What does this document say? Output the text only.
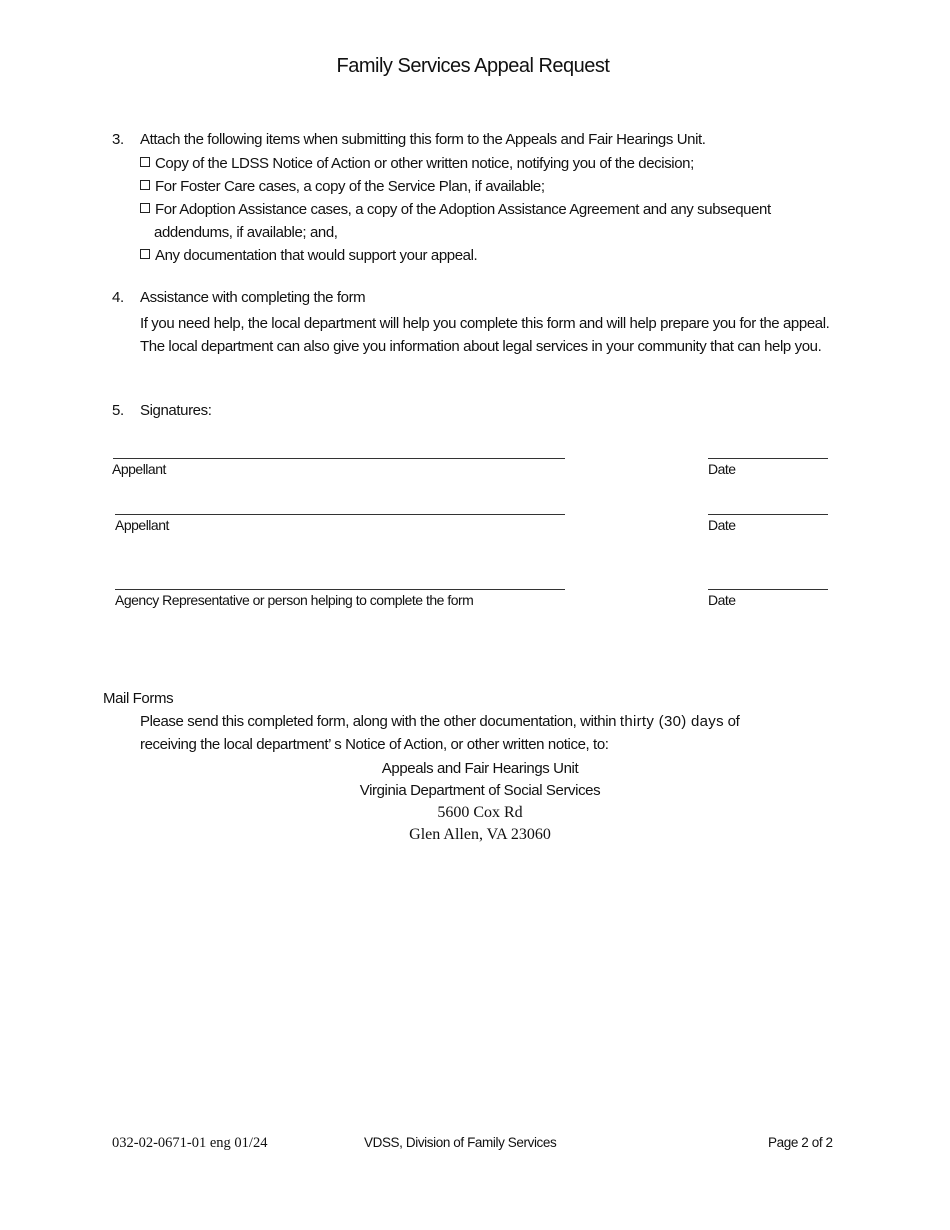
Family Services Appeal Request
3. Attach the following items when submitting this form to the Appeals and Fair Hearings Unit.
Copy of the LDSS Notice of Action or other written notice, notifying you of the decision;
For Foster Care cases, a copy of the Service Plan, if available;
For Adoption Assistance cases, a copy of the Adoption Assistance Agreement and any subsequent
addendums, if available; and,
Any documentation that would support your appeal.
4. Assistance with completing the form
If you need help, the local department will help you complete this form and will help prepare you for the appeal. The local department can also give you information about legal services in your community that can help you.
5. Signatures:
Appellant	Date
Appellant	Date
Agency Representative or person helping to complete the form	Date
Mail Forms
Please send this completed form, along with the other documentation, within thirty (30) days of
receiving the local department’ s Notice of Action, or other written notice, to:
Appeals and Fair Hearings Unit
Virginia Department of Social Services
5600 Cox Rd
Glen Allen, VA 23060
032-02-0671-01 eng 01/24	VDSS, Division of Family Services	Page 2 of 2
